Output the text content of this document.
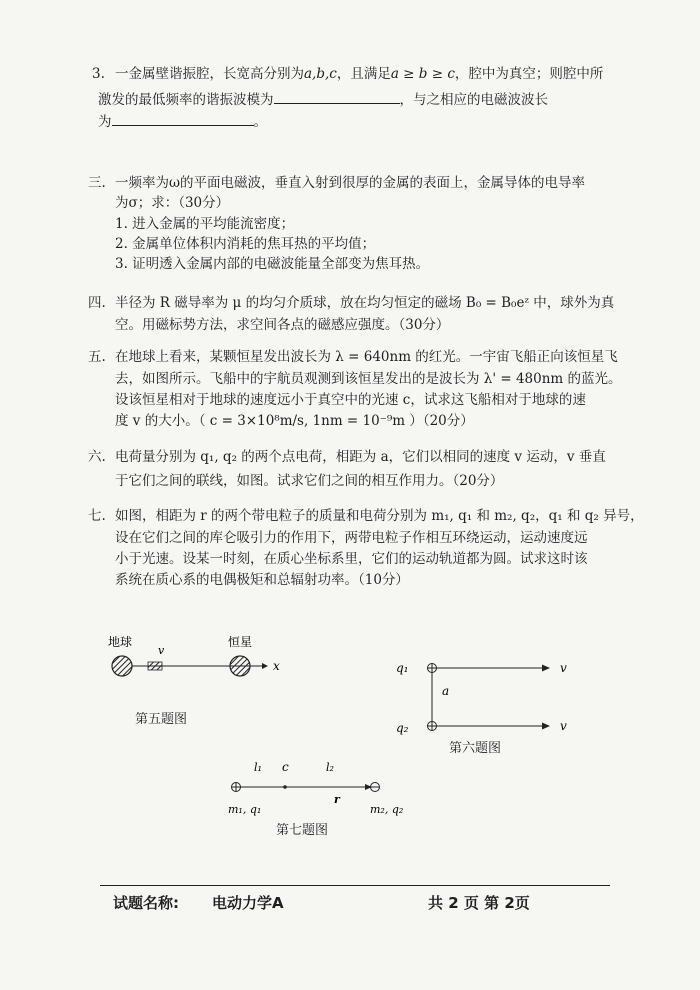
3. 一金属壁谐振腔，长宽高分别为a,b,c，且满足a ≥ b ≥ c，腔中为真空；则腔中所
激发的最低频率的谐振波模为	，与之相应的电磁波波长
为	。
三. 一频率为ω的平面电磁波，垂直入射到很厚的金属的表面上，金属导体的电导率
为σ；求：（30分）
1. 进入金属的平均能流密度；
2. 金属单位体积内消耗的焦耳热的平均值；
3. 证明透入金属内部的电磁波能量全部变为焦耳热。
四. 半径为 R 磁导率为 μ 的均匀介质球，放在均匀恒定的磁场 B₀ = B₀eᶻ 中，球外为真
空。用磁标势方法，求空间各点的磁感应强度。（30分）
五. 在地球上看来，某颗恒星发出波长为 λ = 640nm 的红光。一宇宙飞船正向该恒星飞
去，如图所示。飞船中的宇航员观测到该恒星发出的是波长为 λ' = 480nm 的蓝光。
设该恒星相对于地球的速度远小于真空中的光速 c，试求这飞船相对于地球的速
度 v 的大小。（ c = 3×10⁸m/s, 1nm = 10⁻⁹m ）（20分）
六. 电荷量分别为 q₁, q₂ 的两个点电荷，相距为 a，它们以相同的速度 v 运动，v 垂直
于它们之间的联线，如图。试求它们之间的相互作用力。（20分）
七. 如图，相距为 r 的两个带电粒子的质量和电荷分别为 m₁, q₁ 和 m₂, q₂，q₁ 和 q₂ 异号，
设在它们之间的库仑吸引力的作用下，两带电粒子作相互环绕运动，运动速度远
小于光速。设某一时刻，在质心坐标系里，它们的运动轨道都为圆。试求这时该
系统在质心系的电偶极矩和总辐射功率。（10分）
地球	恒星
v
x
第五题图
q₁	v
a
q₂	v
第六题图
l₁ c	l₂
r
m₁, q₁	m₂, q₂
第七题图
试题名称: 电动力学A	共 2 页 第 2页
